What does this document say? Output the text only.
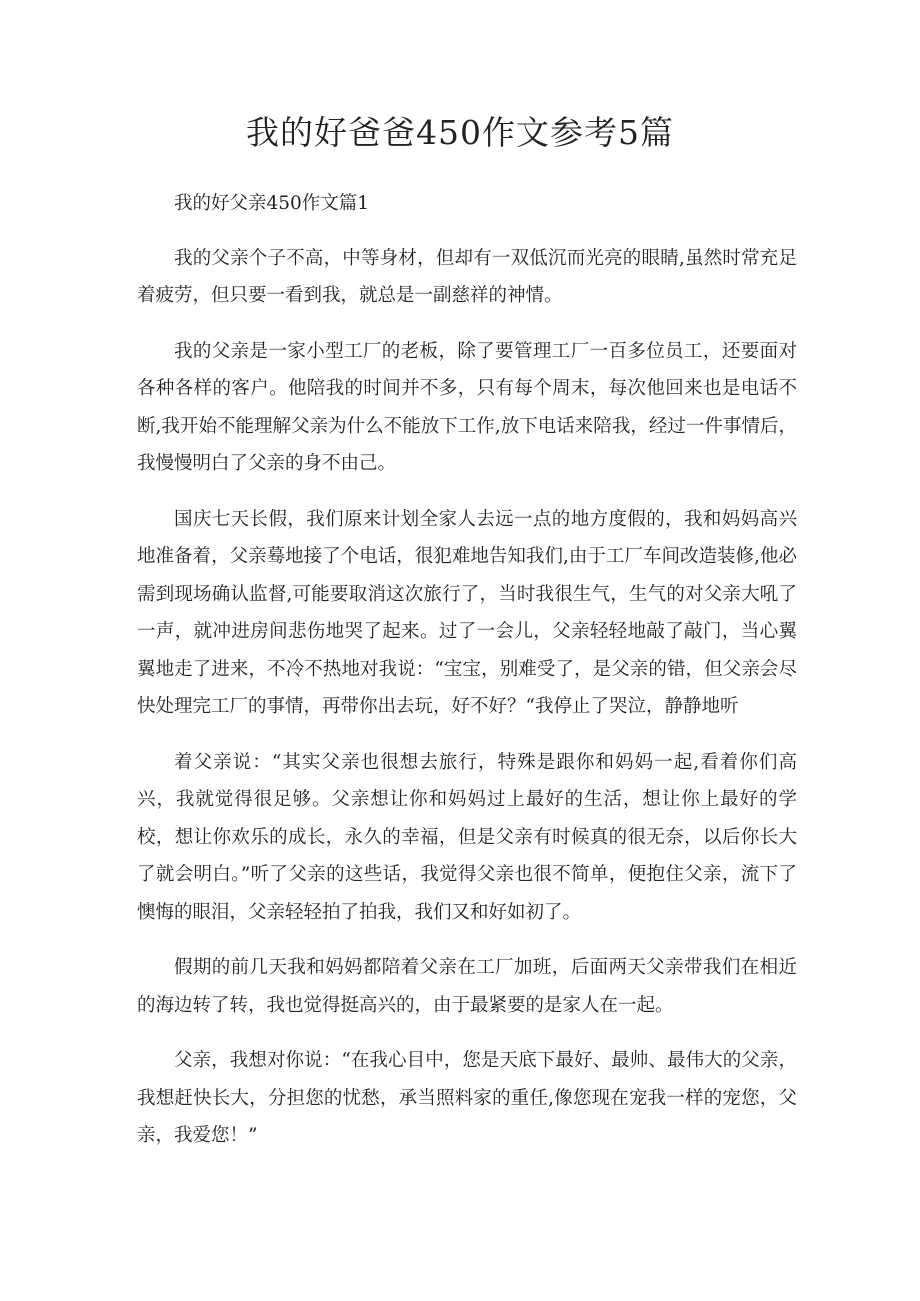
我的好爸爸450作文参考5篇

我的好父亲450作文篇1

我的父亲个子不高，中等身材，但却有一双低沉而光亮的眼睛,虽然时常充足着疲劳，但只要一看到我，就总是一副慈祥的神情。

我的父亲是一家小型工厂的老板，除了要管理工厂一百多位员工，还要面对各种各样的客户。他陪我的时间并不多，只有每个周末，每次他回来也是电话不断,我开始不能理解父亲为什么不能放下工作,放下电话来陪我，经过一件事情后，我慢慢明白了父亲的身不由己。

国庆七天长假，我们原来计划全家人去远一点的地方度假的，我和妈妈高兴地准备着，父亲蓦地接了个电话，很犯难地告知我们,由于工厂车间改造装修,他必需到现场确认监督,可能要取消这次旅行了，当时我很生气，生气的对父亲大吼了一声，就冲进房间悲伤地哭了起来。过了一会儿，父亲轻轻地敲了敲门，当心翼翼地走了进来，不冷不热地对我说：“宝宝，别难受了，是父亲的错，但父亲会尽快处理完工厂的事情，再带你出去玩，好不好？“我停止了哭泣，静静地听

着父亲说：“其实父亲也很想去旅行，特殊是跟你和妈妈一起,看着你们高兴，我就觉得很足够。父亲想让你和妈妈过上最好的生活，想让你上最好的学校，想让你欢乐的成长，永久的幸福，但是父亲有时候真的很无奈，以后你长大了就会明白。”听了父亲的这些话，我觉得父亲也很不简单，便抱住父亲，流下了懊悔的眼泪，父亲轻轻拍了拍我，我们又和好如初了。

假期的前几天我和妈妈都陪着父亲在工厂加班，后面两天父亲带我们在相近的海边转了转，我也觉得挺高兴的，由于最紧要的是家人在一起。

父亲，我想对你说：“在我心目中，您是天底下最好、最帅、最伟大的父亲，我想赶快长大，分担您的忧愁，承当照料家的重任,像您现在宠我一样的宠您，父亲，我爱您！”
